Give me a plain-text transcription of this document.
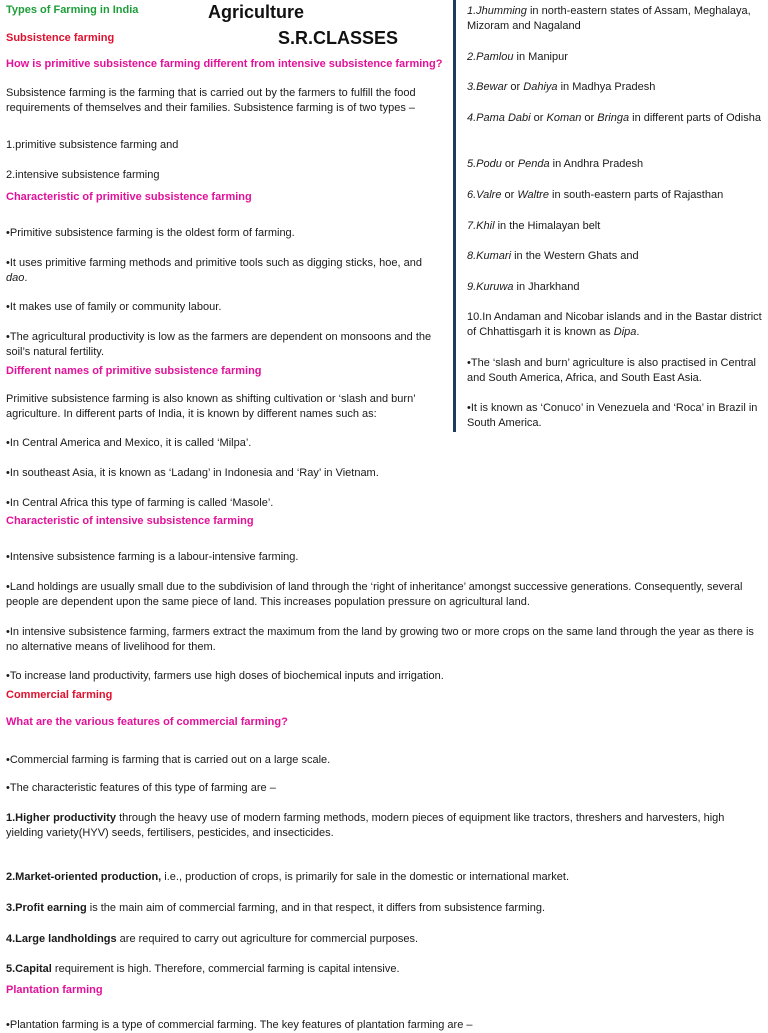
Types of Farming in India	Agriculture
S.R.CLASSES
Subsistence farming
How is primitive subsistence farming different from intensive subsistence farming?

Subsistence farming is the farming that is carried out by the farmers to fulfill the food requirements of themselves and their families. Subsistence farming is of two types –

1.primitive subsistence farming and

2.intensive subsistence farming

Characteristic of primitive subsistence farming

•Primitive subsistence farming is the oldest form of farming.

•It uses primitive farming methods and primitive tools such as digging sticks, hoe, and dao.

•It makes use of family or community labour.

•The agricultural productivity is low as the farmers are dependent on monsoons and the soil’s natural fertility.

Different names of primitive subsistence farming

Primitive subsistence farming is also known as shifting cultivation or ‘slash and burn’ agriculture. In different parts of India, it is known by different names such as:

•In Central America and Mexico, it is called ‘Milpa’.

•In southeast Asia, it is known as ‘Ladang’ in Indonesia and ‘Ray’ in Vietnam.

•In Central Africa this type of farming is called ‘Masole’.

1.Jhumming in north-eastern states of Assam, Meghalaya, Mizoram and Nagaland

2.Pamlou in Manipur

3.Bewar or Dahiya in Madhya Pradesh

4.Pama Dabi or Koman or Bringa in different parts of Odisha

5.Podu or Penda in Andhra Pradesh

6.Valre or Waltre in south-eastern parts of Rajasthan

7.Khil in the Himalayan belt

8.Kumari in the Western Ghats and

9.Kuruwa in Jharkhand

10.In Andaman and Nicobar islands and in the Bastar district of Chhattisgarh it is known as Dipa.

•The ‘slash and burn’ agriculture is also practised in Central and South America, Africa, and South East Asia.

•It is known as ‘Conuco’ in Venezuela and ‘Roca’ in Brazil in South America.

Characteristic of intensive subsistence farming

•Intensive subsistence farming is a labour-intensive farming.

•Land holdings are usually small due to the subdivision of land through the ‘right of inheritance’ amongst successive generations. Consequently, several people are dependent upon the same piece of land. This increases population pressure on agricultural land.

•In intensive subsistence farming, farmers extract the maximum from the land by growing two or more crops on the same land through the year as there is no alternative means of livelihood for them.

•To increase land productivity, farmers use high doses of biochemical inputs and irrigation.

Commercial farming
What are the various features of commercial farming?

•Commercial farming is farming that is carried out on a large scale.

•The characteristic features of this type of farming are –

1.Higher productivity through the heavy use of modern farming methods, modern pieces of equipment like tractors, threshers and harvesters, high yielding variety(HYV) seeds, fertilisers, pesticides, and insecticides.

2.Market-oriented production, i.e., production of crops, is primarily for sale in the domestic or international market.

3.Profit earning is the main aim of commercial farming, and in that respect, it differs from subsistence farming.

4.Large landholdings are required to carry out agriculture for commercial purposes.

5.Capital requirement is high. Therefore, commercial farming is capital intensive.

Plantation farming

•Plantation farming is a type of commercial farming. The key features of plantation farming are –
